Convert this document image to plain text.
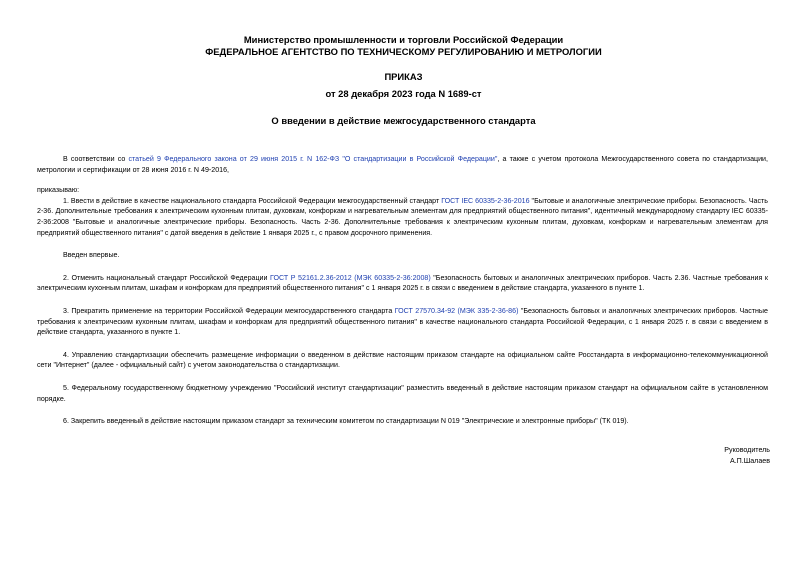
Министерство промышленности и торговли Российской Федерации
ФЕДЕРАЛЬНОЕ АГЕНТСТВО ПО ТЕХНИЧЕСКОМУ РЕГУЛИРОВАНИЮ И МЕТРОЛОГИИ
ПРИКАЗ
от 28 декабря 2023 года N 1689-ст
О введении в действие межгосударственного стандарта

В соответствии со статьей 9 Федерального закона от 29 июня 2015 г. N 162-ФЗ "О стандартизации в Российской Федерации", а также с учетом протокола Межгосударственного совета по стандартизации, метрологии и сертификации от 28 июня 2016 г. N 49-2016,

приказываю:

1. Ввести в действие в качестве национального стандарта Российской Федерации межгосударственный стандарт ГОСТ IEC 60335-2-36-2016 "Бытовые и аналогичные электрические приборы. Безопасность. Часть 2-36. Дополнительные требования к электрическим кухонным плитам, духовкам, конфоркам и нагревательным элементам для предприятий общественного питания", идентичный международному стандарту IEC 60335-2-36:2008 "Бытовые и аналогичные электрические приборы. Безопасность. Часть 2-36. Дополнительные требования к электрическим кухонным плитам, духовкам, конфоркам и нагревательным элементам для предприятий общественного питания" с датой введения в действие 1 января 2025 г., с правом досрочного применения.

Введен впервые.

2. Отменить национальный стандарт Российской Федерации ГОСТ Р 52161.2.36-2012 (МЭК 60335-2-36:2008) "Безопасность бытовых и аналогичных электрических приборов. Часть 2.36. Частные требования к электрическим кухонным плитам, шкафам и конфоркам для предприятий общественного питания" с 1 января 2025 г. в связи с введением в действие стандарта, указанного в пункте 1.

3. Прекратить применение на территории Российской Федерации межгосударственного стандарта ГОСТ 27570.34-92 (МЭК 335-2-36-86) "Безопасность бытовых и аналогичных электрических приборов. Частные требования к электрическим кухонным плитам, шкафам и конфоркам для предприятий общественного питания" в качестве национального стандарта Российской Федерации, с 1 января 2025 г. в связи с введением в действие стандарта, указанного в пункте 1.

4. Управлению стандартизации обеспечить размещение информации о введенном в действие настоящим приказом стандарте на официальном сайте Росстандарта в информационно-телекоммуникационной сети "Интернет" (далее - официальный сайт) с учетом законодательства о стандартизации.

5. Федеральному государственному бюджетному учреждению "Российский институт стандартизации" разместить введенный в действие настоящим приказом стандарт на официальном сайте в установленном порядке.

6. Закрепить введенный в действие настоящим приказом стандарт за техническим комитетом по стандартизации N 019 "Электрические и электронные приборы" (ТК 019).

Руководитель
А.П.Шалаев
